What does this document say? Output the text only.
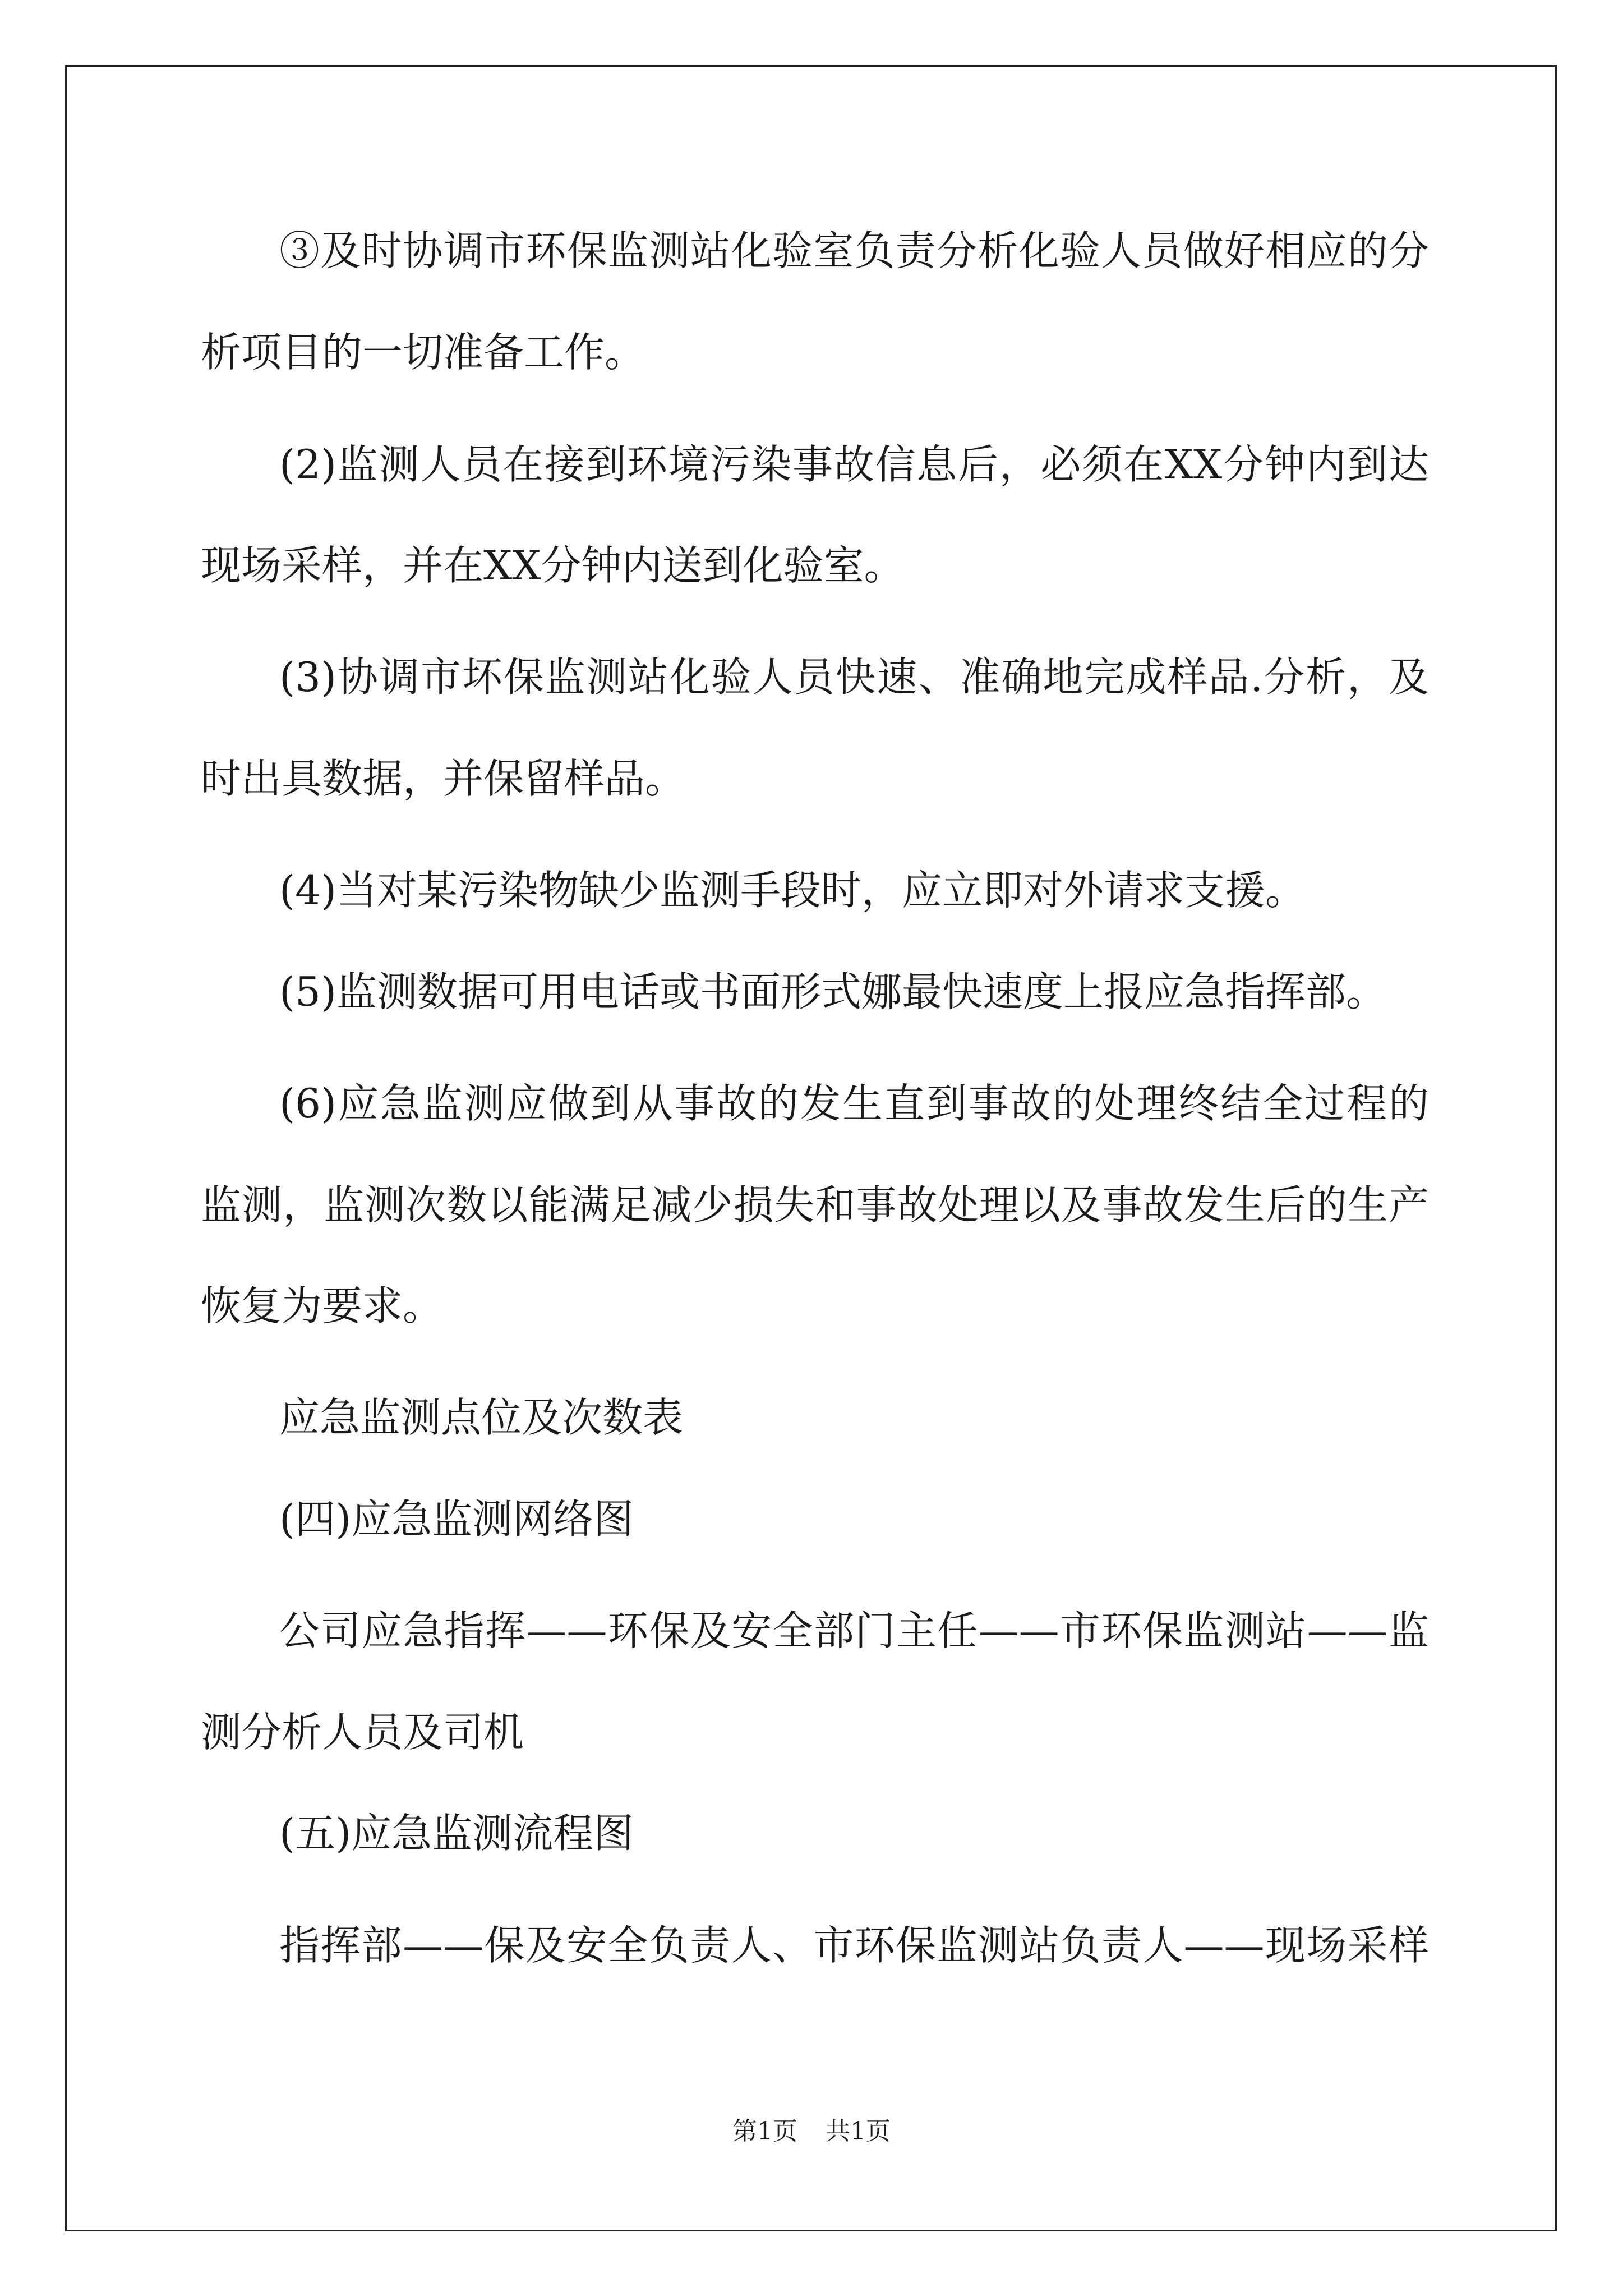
③及时协调市环保监测站化验室负责分析化验人员做好相应的分
析项目的一切准备工作。
(2)监测人员在接到环境污染事故信息后，必须在XX分钟内到达
现场采样，并在XX分钟内送到化验室。
(3)协调市坏保监测站化验人员快速、准确地完成样品.分析，及
时出具数据，并保留样品。
(4)当对某污染物缺少监测手段时，应立即对外请求支援。
(5)监测数据可用电话或书面形式娜最快速度上报应急指挥部。
(6)应急监测应做到从事故的发生直到事故的处理终结全过程的
监测，监测次数以能满足减少损失和事故处理以及事故发生后的生产
恢复为要求。
应急监测点位及次数表
(四)应急监测网络图
公司应急指挥——环保及安全部门主任——市环保监测站——监
测分析人员及司机
(五)应急监测流程图
指挥部——保及安全负责人、市环保监测站负责人——现场采样
第1页 共1页
